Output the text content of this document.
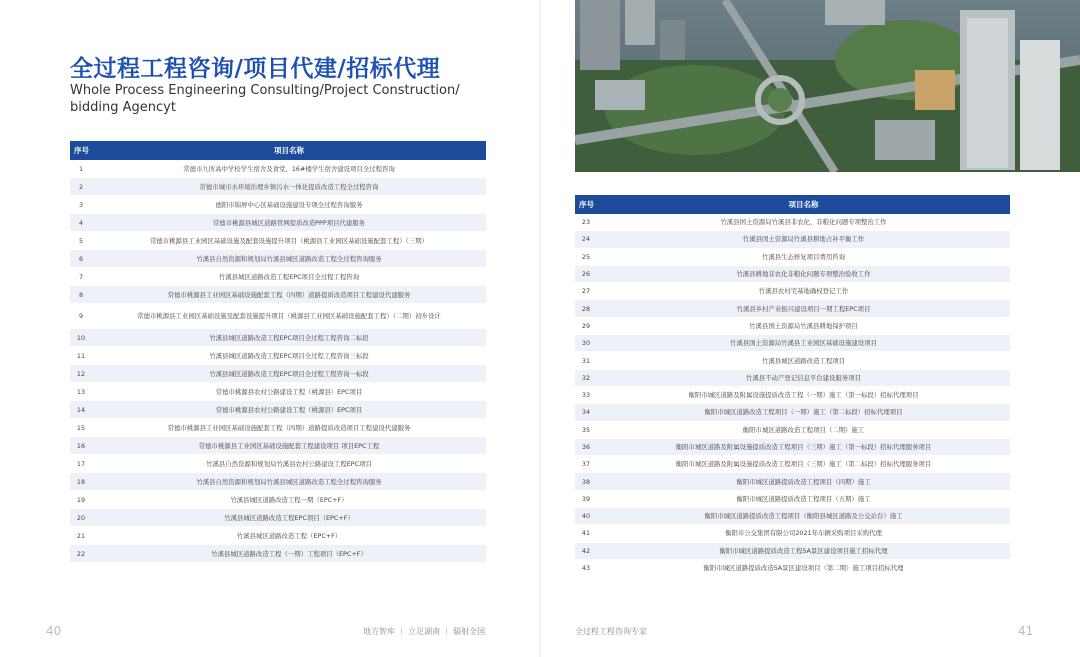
全过程工程咨询/项目代建/招标代理
Whole Process Engineering Consulting/Project Construction/ bidding Agencyt
序号	项目名称
1	常德市九所高中学校学生宿舍及食堂、16#楼学生宿舍建设项目全过程咨询
2	常德市城市水环境治理乡镇污水一体化提质改造工程全过程咨询
3	德阳市锦屏中心区基础设施建设专项全过程咨询服务
4	常德市桃源县城区道路管网提质改造PPP项目代建服务
5	常德市桃源县工业园区基础设施及配套设施提升项目（桃源县工业园区基础设施配套工程）（三期）
6	竹溪县自然资源和规划局竹溪县城区道路改造工程全过程咨询服务
7	竹溪县城区道路改造工程EPC项目全过程工程咨询
8	常德市桃源县工业园区基础设施配套工程（四期）道路提质改造项目工程建设代建服务
9	常德市桃源县工业园区基础设施及配套设施提升项目（桃源县工业园区基础设施配套工程）（二期）初步设计
10	竹溪县城区道路改造工程EPC项目全过程工程咨询二标段
11	竹溪县城区道路改造工程EPC项目全过程工程咨询三标段
12	竹溪县城区道路改造工程EPC项目全过程工程咨询一标段
13	常德市桃源县农村公路建设工程（桃源县）EPC项目
14	常德市桃源县农村公路建设工程（桃源县）EPC项目
15	常德市桃源县工业园区基础设施配套工程（四期）道路提质改造项目工程建设代建服务
16	常德市桃源县工业园区基础设施配套工程建设项目 项目EPC工程
17	竹溪县自然资源和规划局竹溪县农村公路建设工程EPC项目
18	竹溪县自然资源和规划局竹溪县城区道路改造工程全过程咨询服务
19	竹溪县城区道路改造工程一期（EPC+F）
20	竹溪县城区道路改造工程EPC项目（EPC+F）
21	竹溪县城区道路改造工程（EPC+F）
22	竹溪县城区道路改造工程（一期）工程项目（EPC+F）
地方智库 ｜ 立足湖南 ｜ 辐射全国
40
序号	项目名称
23	竹溪县国土资源局竹溪县非农化、非粮化问题专项整治工作
24	竹溪县国土资源局竹溪县耕地占补平衡工作
25	竹溪县生态修复项目费用咨询
26	竹溪县耕地非农化非粮化问题专项整治验收工作
27	竹溪县农村宅基地确权登记工作
28	竹溪县乡村产业振兴建设项目一期工程EPC项目
29	竹溪县国土资源局竹溪县耕地保护项目
30	竹溪县国土资源局竹溪县工业园区基础设施建设项目
31	竹溪县城区道路改造工程项目
32	竹溪县不动产登记信息平台建设服务项目
33	衡阳市城区道路及附属设施提质改造工程（一期）施工（第一标段）招标代理项目
34	衡阳市城区道路改造工程项目（一期）施工（第二标段）招标代理项目
35	衡阳市城区道路改造工程项目（二期）施工
36	衡阳市城区道路及附属设施提质改造工程项目（三期）施工（第一标段）招标代理服务项目
37	衡阳市城区道路及附属设施提质改造工程项目（三期）施工（第二标段）招标代理服务项目
38	衡阳市城区道路提质改造工程项目（四期）施工
39	衡阳市城区道路提质改造工程项目（五期）施工
40	衡阳市城区道路提质改造工程项目（衡阳县城区道路及公交站台）施工
41	衡阳市公交集团有限公司2021年车辆采购项目采购代理
42	衡阳市城区道路提质改造工程5A景区建设项目施工招标代理
43	衡阳市城区道路提质改造5A景区建设项目（第二期）施工项目招标代理
全过程工程咨询专家	41
